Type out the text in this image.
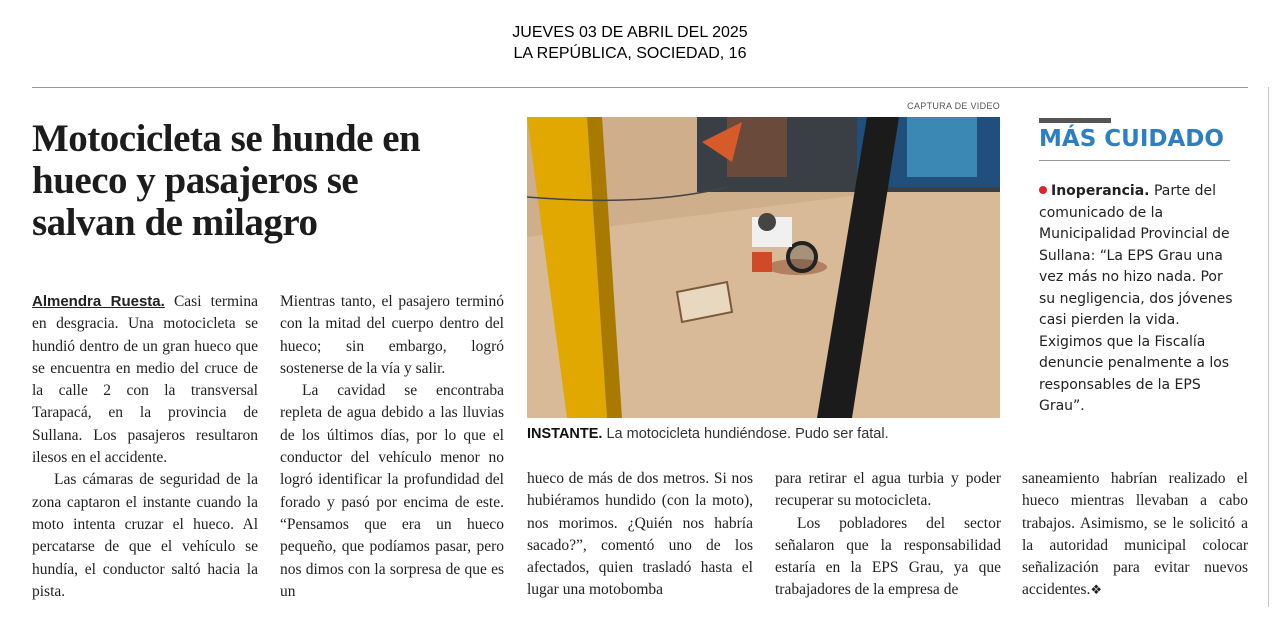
JUEVES 03 DE ABRIL DEL 2025
LA REPÚBLICA, SOCIEDAD, 16
Motocicleta se hunde en hueco y pasajeros se salvan de milagro

Almendra Ruesta. Casi termina en desgracia. Una motocicleta se hundió dentro de un gran hueco que se encuentra en medio del cruce de la calle 2 con la transversal Tarapacá, en la provincia de Sullana. Los pasajeros resultaron ilesos en el accidente.

Las cámaras de seguridad de la zona captaron el instante cuando la moto intenta cruzar el hueco. Al percatarse de que el vehículo se hundía, el conductor saltó hacia la pista.

Mientras tanto, el pasajero terminó con la mitad del cuerpo dentro del hueco; sin embargo, logró sostenerse de la vía y salir.

La cavidad se encontraba repleta de agua debido a las lluvias de los últimos días, por lo que el conductor del vehículo menor no logró identificar la profundidad del forado y pasó por encima de este. “Pensamos que era un hueco pequeño, que podíamos pasar, pero nos dimos con la sorpresa de que es un

CAPTURA DE VIDEO
INSTANTE. La motocicleta hundiéndose. Pudo ser fatal.
MÁS CUIDADO
Inoperancia. Parte del comunicado de la Municipalidad Provincial de Sullana: “La EPS Grau una vez más no hizo nada. Por su negligencia, dos jóvenes casi pierden la vida. Exigimos que la Fiscalía denuncie penalmente a los responsables de la EPS Grau”.

hueco de más de dos metros. Si nos hubiéramos hundido (con la moto), nos morimos. ¿Quién nos habría sacado?”, comentó uno de los afectados, quien trasladó hasta el lugar una motobomba

para retirar el agua turbia y poder recuperar su motocicleta.

Los pobladores del sector señalaron que la responsabilidad estaría en la EPS Grau, ya que trabajadores de la empresa de

saneamiento habrían realizado el hueco mientras llevaban a cabo trabajos. Asimismo, se le solicitó a la autoridad municipal colocar señalización para evitar nuevos accidentes.❖
